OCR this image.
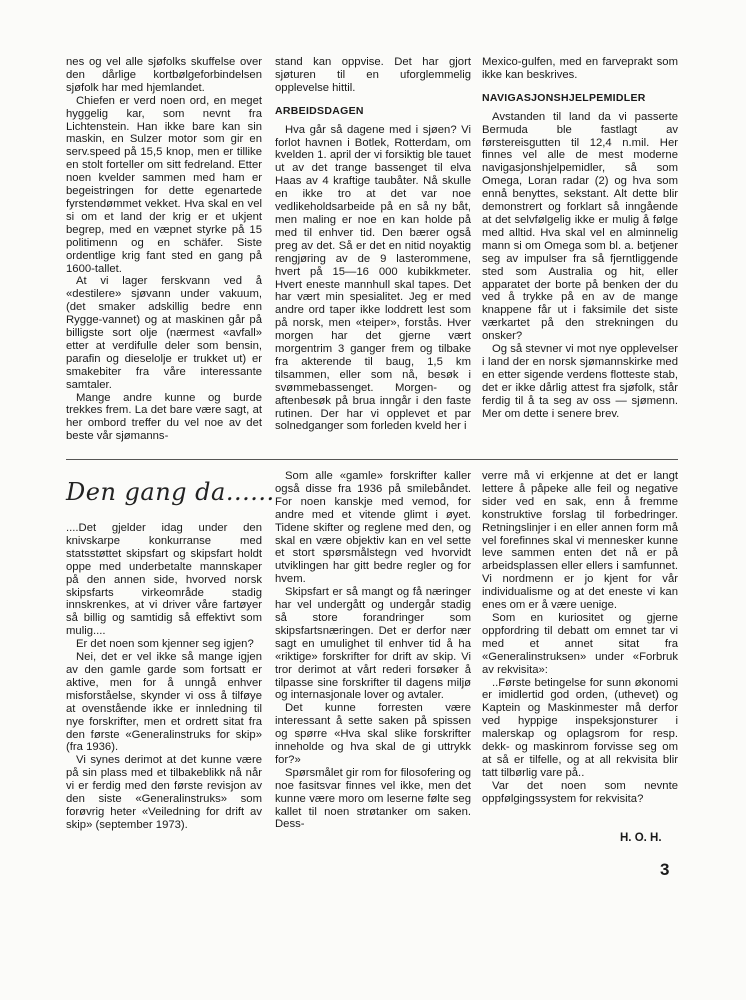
nes og vel alle sjøfolks skuffelse over den dårlige kortbølgeforbindelsen sjøfolk har med hjemlandet.

Chiefen er verd noen ord, en meget hyggelig kar, som nevnt fra Lichtenstein. Han ikke bare kan sin maskin, en Sulzer motor som gir en serv.speed på 15,5 knop, men er tillike en stolt forteller om sitt fedreland. Etter noen kvelder sammen med ham er begeistringen for dette egenartede fyrstendømmet vekket. Hva skal en vel si om et land der krig er et ukjent begrep, med en væpnet styrke på 15 politimenn og en schäfer. Siste ordentlige krig fant sted en gang på 1600-tallet.

At vi lager ferskvann ved å «destilere» sjøvann under vakuum, (det smaker adskillig bedre enn Rygge-vannet) og at maskinen går på billigste sort olje (nærmest «avfall» etter at verdifulle deler som bensin, parafin og dieselolje er trukket ut) er smakebiter fra våre interessante samtaler.

Mange andre kunne og burde trekkes frem. La det bare være sagt, at her ombord treffer du vel noe av det beste vår sjømanns-

stand kan oppvise. Det har gjort sjøturen til en uforglemmelig opplevelse hittil.

ARBEIDSDAGEN

Hva går så dagene med i sjøen? Vi forlot havnen i Botlek, Rotterdam, om kvelden 1. april der vi forsiktig ble tauet ut av det trange bassenget til elva Haas av 4 kraftige taubåter. Nå skulle en ikke tro at det var noe vedlikeholdsarbeide på en så ny båt, men maling er noe en kan holde på med til enhver tid. Den bærer også preg av det. Så er det en nitid noyaktig rengjøring av de 9 lasterommene, hvert på 15—16 000 kubikkmeter. Hvert eneste mannhull skal tapes. Det har vært min spesialitet. Jeg er med andre ord taper ikke loddrett lest som på norsk, men «teiper», forstås. Hver morgen har det gjerne vært morgentrim 3 ganger frem og tilbake fra akterende til baug, 1,5 km tilsammen, eller som nå, besøk i svømmebassenget. Morgen- og aftenbesøk på brua inngår i den faste rutinen. Der har vi opplevet et par solnedganger som forleden kveld her i

Mexico-gulfen, med en farveprakt som ikke kan beskrives.

NAVIGASJONSHJELPEMIDLER

Avstanden til land da vi passerte Bermuda ble fastlagt av førstereisgutten til 12,4 n.mil. Her finnes vel alle de mest moderne navigasjonshjelpemidler, så som Omega, Loran radar (2) og hva som ennå benyttes, sekstant. Alt dette blir demonstrert og forklart så inngående at det selvfølgelig ikke er mulig å følge med alltid. Hva skal vel en alminnelig mann si om Omega som bl. a. betjener seg av impulser fra så fjerntliggende sted som Australia og hit, eller apparatet der borte på benken der du ved å trykke på en av de mange knappene får ut i faksimile det siste værkartet på den strekningen du onsker?

Og så stevner vi mot nye opplevelser i land der en norsk sjømannskirke med en etter sigende verdens flotteste stab, det er ikke dårlig attest fra sjøfolk, står ferdig til å ta seg av oss — sjømenn. Mer om dette i senere brev.

Den gang da......

....Det gjelder idag under den knivskarpe konkurranse med statsstøttet skipsfart og skipsfart holdt oppe med underbetalte mannskaper på den annen side, hvorved norsk skipsfarts virkeområde stadig innskrenkes, at vi driver våre fartøyer så billig og samtidig så effektivt som mulig....

Er det noen som kjenner seg igjen?

Nei, det er vel ikke så mange igjen av den gamle garde som fortsatt er aktive, men for å unngå enhver misforståelse, skynder vi oss å tilføye at ovenstående ikke er innledning til nye forskrifter, men et ordrett sitat fra den første «Generalinstruks for skip» (fra 1936).

Vi synes derimot at det kunne være på sin plass med et tilbakeblikk nå når vi er ferdig med den første revisjon av den siste «Generalinstruks» som forøvrig heter «Veiledning for drift av skip» (september 1973).

Som alle «gamle» forskrifter kaller også disse fra 1936 på smilebåndet. For noen kanskje med vemod, for andre med et vitende glimt i øyet. Tidene skifter og reglene med den, og skal en være objektiv kan en vel sette et stort spørsmålstegn ved hvorvidt utviklingen har gitt bedre regler og for hvem.

Skipsfart er så mangt og få næringer har vel undergått og undergår stadig så store forandringer som skipsfartsnæringen. Det er derfor nær sagt en umulighet til enhver tid å ha «riktige» forskrifter for drift av skip. Vi tror derimot at vårt rederi forsøker å tilpasse sine forskrifter til dagens miljø og internasjonale lover og avtaler.

Det kunne forresten være interessant å sette saken på spissen og spørre «Hva skal slike forskrifter inneholde og hva skal de gi uttrykk for?»

Spørsmålet gir rom for filosofering og noe fasitsvar finnes vel ikke, men det kunne være moro om leserne følte seg kallet til noen strøtanker om saken. Dess-

verre må vi erkjenne at det er langt lettere å påpeke alle feil og negative sider ved en sak, enn å fremme konstruktive forslag til forbedringer. Retningslinjer i en eller annen form må vel forefinnes skal vi mennesker kunne leve sammen enten det nå er på arbeidsplassen eller ellers i samfunnet. Vi nordmenn er jo kjent for vår individualisme og at det eneste vi kan enes om er å være uenige.

Som en kuriositet og gjerne oppfordring til debatt om emnet tar vi med et annet sitat fra «Generalinstruksen» under «Forbruk av rekvisita»:

..Første betingelse for sunn økonomi er imidlertid god orden, (uthevet) og Kaptein og Maskinmester må derfor ved hyppige inspeksjonsturer i malerskap og oplagsrom for resp. dekk- og maskinrom forvisse seg om at så er tilfelle, og at all rekvisita blir tatt tilbørlig vare på..

Var det noen som nevnte oppfølgingssystem for rekvisita?

H. O. H.
3
